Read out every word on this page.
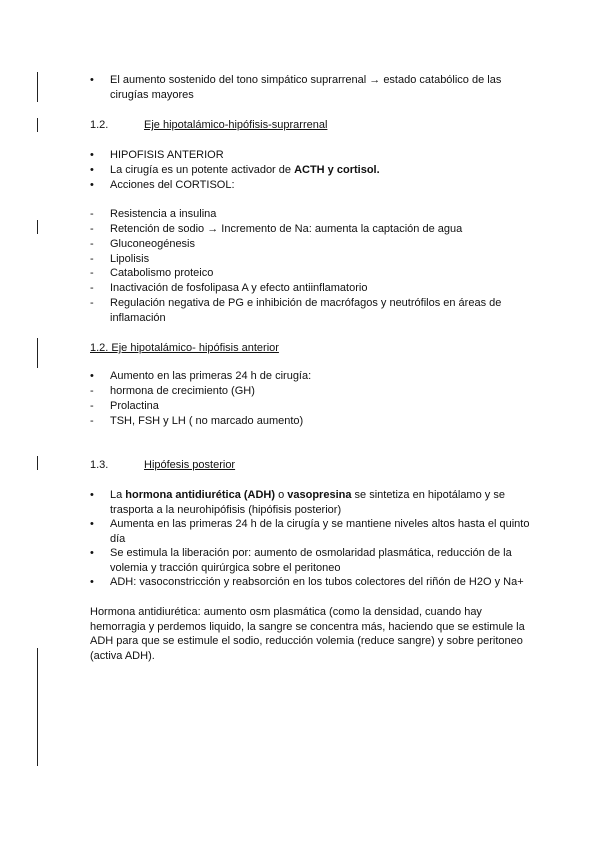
•	El aumento sostenido del tono simpático suprarrenal → estado catabólico de las cirugías mayores
1.2.	Eje hipotalámico-hipófisis-suprarrenal
•	HIPOFISIS ANTERIOR
•	La cirugía es un potente activador de ACTH y cortisol.
•	Acciones del CORTISOL:
-	Resistencia a insulina
-	Retención de sodio → Incremento de Na: aumenta la captación de agua
-	Gluconeogénesis
-	Lipolisis
-	Catabolismo proteico
-	Inactivación de fosfolipasa A y efecto antiinflamatorio
-	Regulación negativa de PG e inhibición de macrófagos y neutrófilos en áreas de inflamación
1.2. Eje hipotalámico- hipófisis anterior
•	Aumento en las primeras 24 h de cirugía:
-	hormona de crecimiento (GH)
-	Prolactina
-	TSH, FSH y LH ( no marcado aumento)
1.3.	Hipófesis posterior
•	La hormona antidiurética (ADH) o vasopresina se sintetiza en hipotálamo y se trasporta a la neurohipófisis (hipófisis posterior)
•	Aumenta en las primeras 24 h de la cirugía y se mantiene niveles altos hasta el quinto día
•	Se estimula la liberación por: aumento de osmolaridad plasmática, reducción de la volemia y tracción quirúrgica sobre el peritoneo
•	ADH: vasoconstricción y reabsorción en los tubos colectores del riñón de H2O y Na+
Hormona antidiurética: aumento osm plasmática (como la densidad, cuando hay hemorragia y perdemos liquido, la sangre se concentra más, haciendo que se estimule la ADH para que se estimule el sodio, reducción volemia (reduce sangre) y sobre peritoneo (activa ADH).
